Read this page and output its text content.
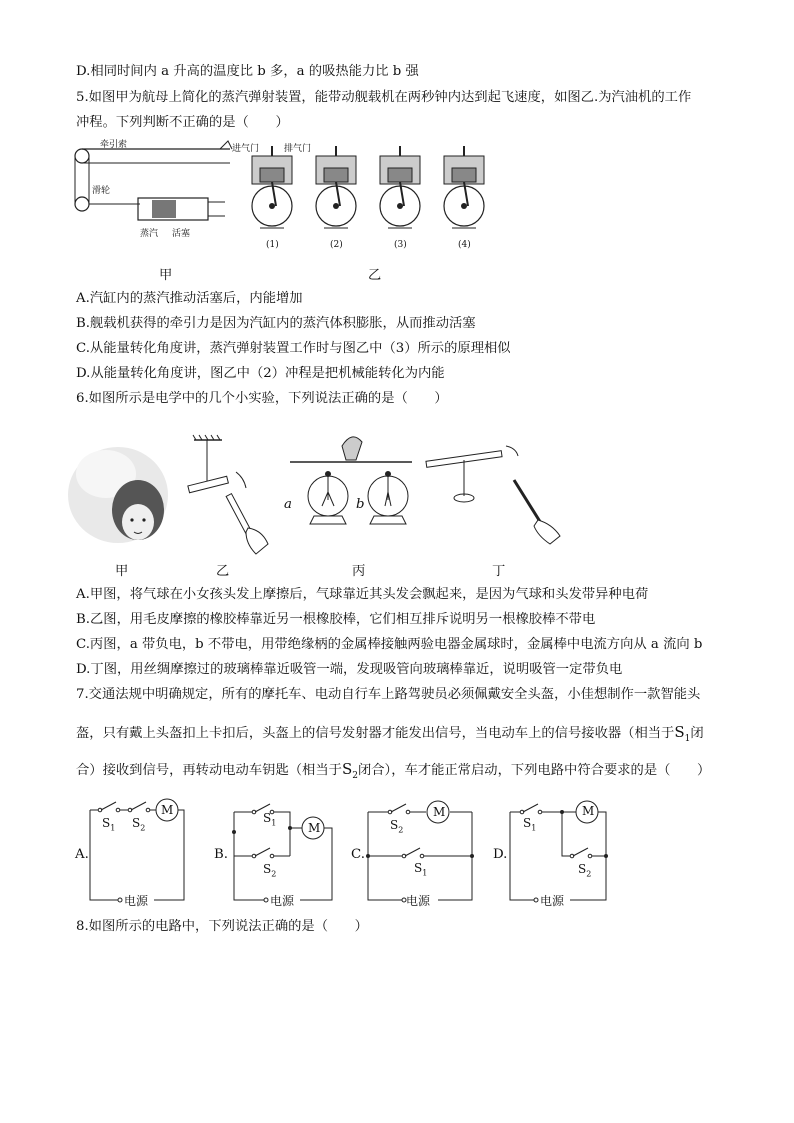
D.相同时间内 a 升高的温度比 b 多，a 的吸热能力比 b 强
5.如图甲为航母上简化的蒸汽弹射装置，能带动舰载机在两秒钟内达到起飞速度，如图乙.为汽油机的工作
冲程。下列判断不正确的是（　　）
牵引索
滑轮
蒸汽 活塞
甲
进气门	排气门
(1)	(2)	(3)	(4)
乙
A.汽缸内的蒸汽推动活塞后，内能增加
B.舰载机获得的牵引力是因为汽缸内的蒸汽体积膨胀，从而推动活塞
C.从能量转化角度讲，蒸汽弹射装置工作时与图乙中（3）所示的原理相似
D.从能量转化角度讲，图乙中（2）冲程是把机械能转化为内能
6.如图所示是电学中的几个小实验，下列说法正确的是（　　）
a	b
甲	乙	丙	丁
A.甲图，将气球在小女孩头发上摩擦后，气球靠近其头发会飘起来，是因为气球和头发带异种电荷
B.乙图，用毛皮摩擦的橡胶棒靠近另一根橡胶棒，它们相互排斥说明另一根橡胶棒不带电
C.丙图，a 带负电，b 不带电，用带绝缘柄的金属棒接触两验电器金属球时，金属棒中电流方向从 a 流向 b
D.丁图，用丝绸摩擦过的玻璃棒靠近吸管一端，发现吸管向玻璃棒靠近，说明吸管一定带负电
7.交通法规中明确规定，所有的摩托车、电动自行车上路驾驶员必须佩戴安全头盔，小佳想制作一款智能头
盔，只有戴上头盔扣上卡扣后，头盔上的信号发射器才能发出信号，当电动车上的信号接收器（相当于$S_1$闭
合）接收到信号，再转动电动车钥匙（相当于$S_2$闭合），车才能正常启动，下列电路中符合要求的是（　　）
A.	B.	C.	D.
M
$S_1$ $S_2$
电源
M
$S_1$
$S_2$
电源
M
$S_2$
$S_1$
电源
M
$S_1$
$S_2$
电源
8.如图所示的电路中，下列说法正确的是（　　）
